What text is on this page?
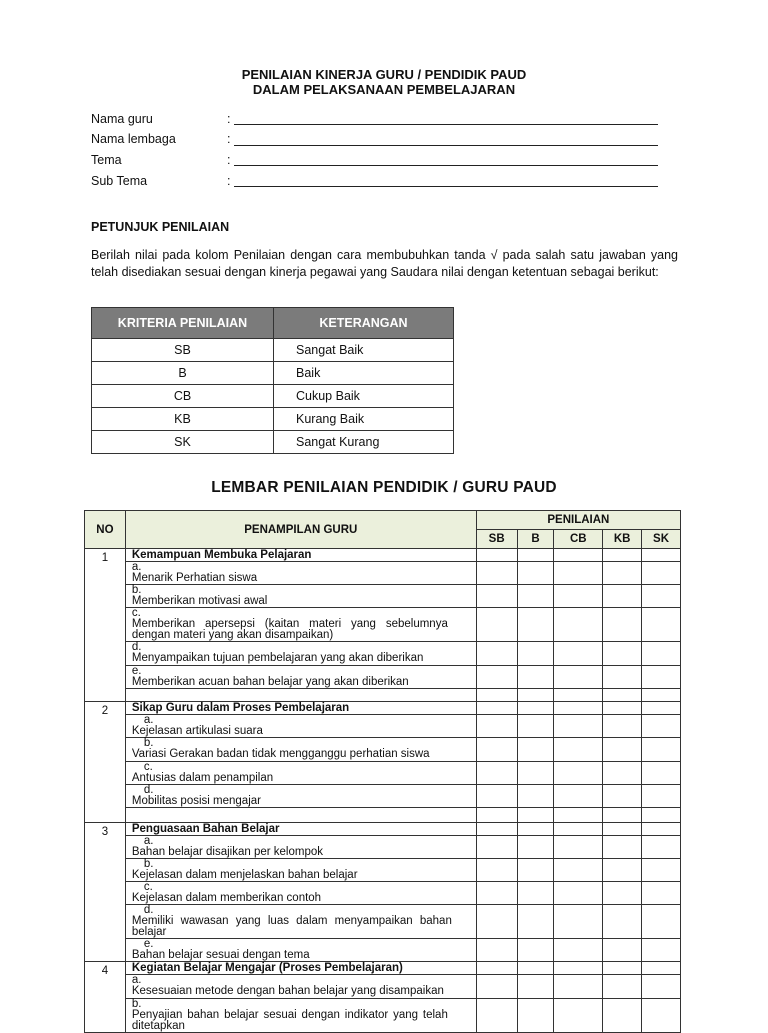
PENILAIAN KINERJA GURU / PENDIDIK PAUD
DALAM PELAKSANAAN PEMBELAJARAN
Nama guru	:
Nama lembaga	:
Tema	:
Sub Tema	:
PETUNJUK PENILAIAN
Berilah nilai pada kolom Penilaian dengan cara membubuhkan tanda √ pada salah satu jawaban yang telah disediakan sesuai dengan kinerja pegawai yang Saudara nilai dengan ketentuan sebagai berikut:
KRITERIA PENILAIAN	KETERANGAN
SB	Sangat Baik
B	Baik
CB	Cukup Baik
KB	Kurang Baik
SK	Sangat Kurang
LEMBAR PENILAIAN PENDIDIK / GURU PAUD
NO	PENAMPILAN GURU	PENILAIAN				
		SB	B	CB	KB	SK
1	Kemampuan Membuka Pelajaran					
	a.Menarik Perhatian siswa					
	b.Memberikan motivasi awal					
	c.Memberikan apersepsi (kaitan materi yang sebelumnya dengan materi yang akan disampaikan)					
	d.Menyampaikan tujuan pembelajaran yang akan diberikan					
	e.Memberikan acuan bahan belajar yang akan diberikan					

2	Sikap Guru dalam Proses Pembelajaran					
	a.Kejelasan artikulasi suara					
	b.Variasi Gerakan badan tidak mengganggu perhatian siswa					
	c.Antusias dalam penampilan					
	d.Mobilitas posisi mengajar					

3	Penguasaan Bahan Belajar					
	a.Bahan belajar disajikan per kelompok					
	b.Kejelasan dalam menjelaskan bahan belajar					
	c.Kejelasan dalam memberikan contoh					
	d.Memiliki wawasan yang luas dalam menyampaikan bahan belajar					
	e.Bahan belajar sesuai dengan tema					
4	Kegiatan Belajar Mengajar (Proses Pembelajaran)					
	a.Kesesuaian metode dengan bahan belajar yang disampaikan					
	b.Penyajian bahan belajar sesuai dengan indikator yang telah ditetapkan					
